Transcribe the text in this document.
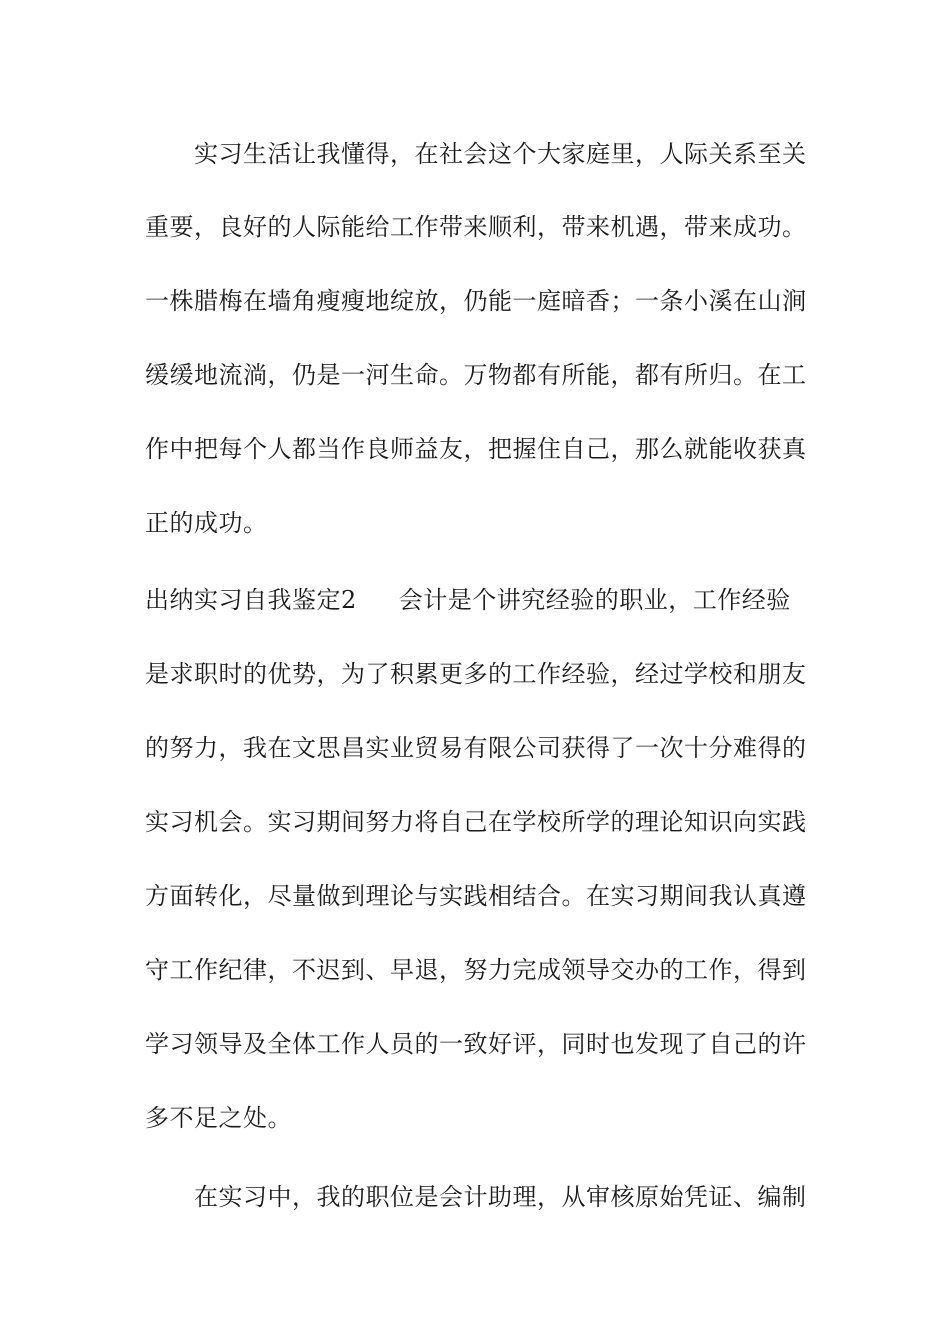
实习生活让我懂得，在社会这个大家庭里，人际关系至关
重要，良好的人际能给工作带来顺利，带来机遇，带来成功。
一株腊梅在墙角瘦瘦地绽放，仍能一庭暗香；一条小溪在山涧
缓缓地流淌，仍是一河生命。万物都有所能，都有所归。在工
作中把每个人都当作良师益友，把握住自己，那么就能收获真
正的成功。
出纳实习自我鉴定2 会计是个讲究经验的职业，工作经验
是求职时的优势，为了积累更多的工作经验，经过学校和朋友
的努力，我在文思昌实业贸易有限公司获得了一次十分难得的
实习机会。实习期间努力将自己在学校所学的理论知识向实践
方面转化，尽量做到理论与实践相结合。在实习期间我认真遵
守工作纪律，不迟到、早退，努力完成领导交办的工作，得到
学习领导及全体工作人员的一致好评，同时也发现了自己的许
多不足之处。
在实习中，我的职位是会计助理，从审核原始凭证、编制
